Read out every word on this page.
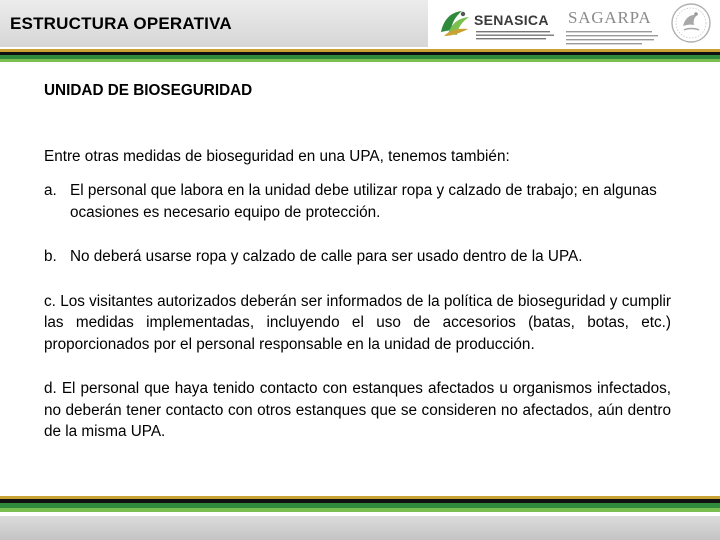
ESTRUCTURA OPERATIVA	SENASICA SAGARPA
UNIDAD DE BIOSEGURIDAD
Entre otras medidas de bioseguridad en una UPA, tenemos también:
a. El personal que labora en la unidad debe utilizar ropa y calzado de trabajo; en algunas ocasiones es necesario equipo de protección.
b. No deberá usarse ropa y calzado de calle para ser usado dentro de la UPA.
c. Los visitantes autorizados deberán ser informados de la política de bioseguridad y cumplir las medidas implementadas, incluyendo el uso de accesorios (batas, botas, etc.) proporcionados por el personal responsable en la unidad de producción.
d. El personal que haya tenido contacto con estanques afectados u organismos infectados, no deberán tener contacto con otros estanques que se consideren no afectados, aún dentro de la misma UPA.
